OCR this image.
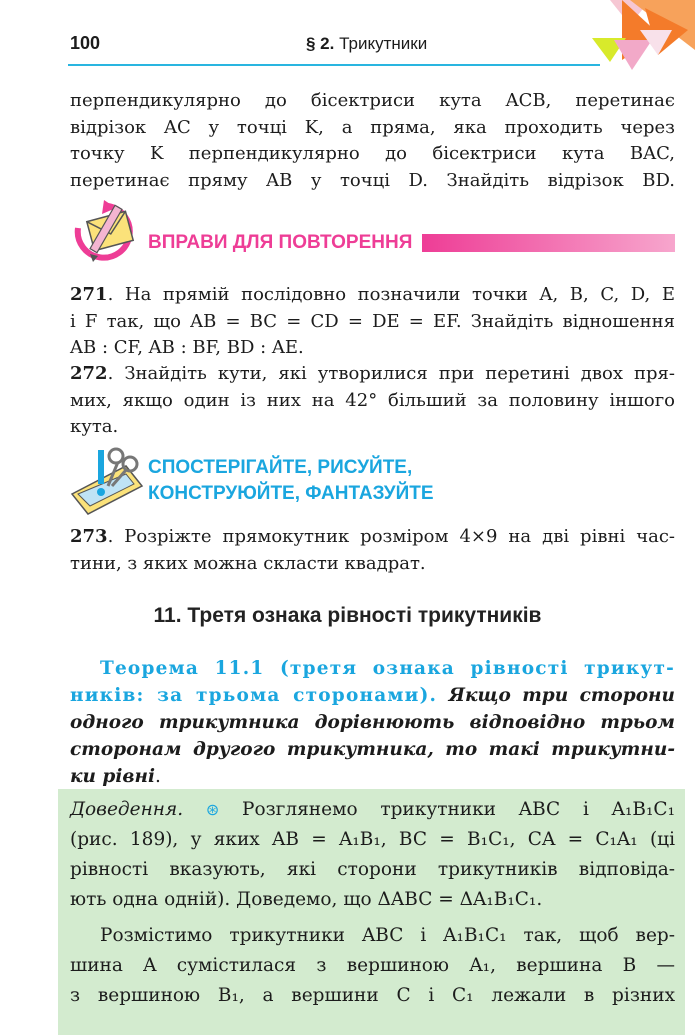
100	§ 2. Трикутники
перпендикулярно до бісектриси кута ACB, перетинає
відрізок AC у точці K, а пряма, яка проходить через
точку K перпендикулярно до бісектриси кута BAC,
перетинає пряму AB у точці D. Знайдіть відрізок BD.
ВПРАВИ ДЛЯ ПОВТОРЕННЯ
271. На прямій послідовно позначили точки A, B, C, D, E
і F так, що AB = BC = CD = DE = EF. Знайдіть відношення
AB : CF, AB : BF, BD : AE.
272. Знайдіть кути, які утворилися при перетині двох пря-
мих, якщо один із них на 42° більший за половину іншого
кута.
СПОСТЕРІГАЙТЕ, РИСУЙТЕ,
КОНСТРУЮЙТЕ, ФАНТАЗУЙТЕ
273. Розріжте прямокутник розміром 4×9 на дві рівні час-
тини, з яких можна скласти квадрат.
11. Третя ознака рівності трикутників
Теорема 11.1 (третя ознака рівності трикут-
ників: за трьома сторонами). Якщо три сторони
одного трикутника дорівнюють відповідно трьом
сторонам другого трикутника, то такі трикутни-
ки рівні.
Доведення. ⊛ Розглянемо трикутники ABC і A₁B₁C₁
(рис. 189), у яких AB = A₁B₁, BC = B₁C₁, CA = C₁A₁ (ці
рівності вказують, які сторони трикутників відповіда-
ють одна одній). Доведемо, що ΔABC = ΔA₁B₁C₁.
Розмістимо трикутники ABC і A₁B₁C₁ так, щоб вер-
шина A сумістилася з вершиною A₁, вершина B —
з вершиною B₁, а вершини C і C₁ лежали в різних
